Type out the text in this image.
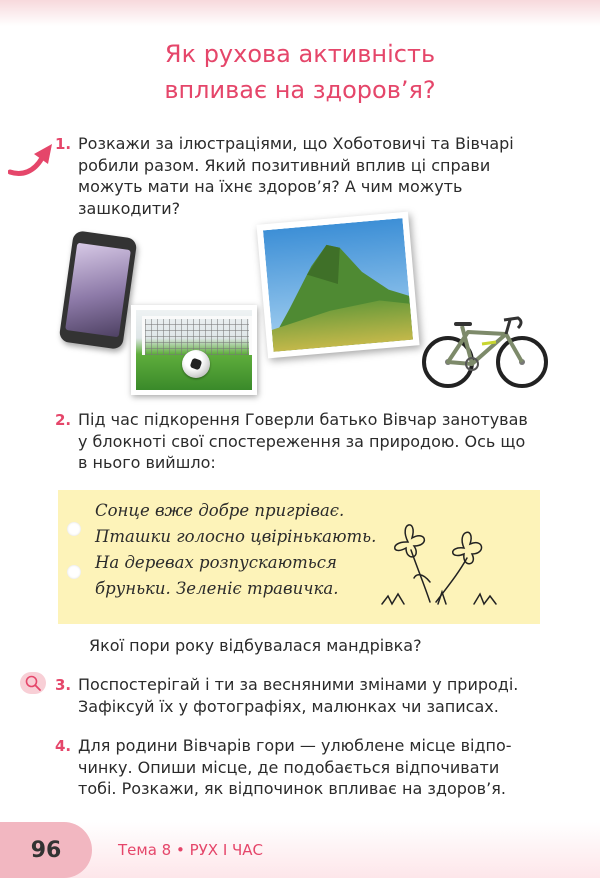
Як рухова активність
впливає на здоров’я?
1. Розкажи за ілюстраціями, що Хоботовичі та Вівчарі
робили разом. Який позитивний вплив ці справи
можуть мати на їхнє здоров’я? А чим можуть
зашкодити?
2. Під час підкорення Говерли батько Вівчар занотував
у блокноті свої спостереження за природою. Ось що
в нього вийшло:
Сонце вже добре пригріває.
Пташки голосно цвірінькають.
На деревах розпускаються
бруньки. Зеленіє травичка.
Якої пори року відбувалася мандрівка?
3. Поспостерігай і ти за весняними змінами у природі.
Зафіксуй їх у фотографіях, малюнках чи записах.
4. Для родини Вівчарів гори — улюблене місце відпо-
чинку. Опиши місце, де подобається відпочивати
тобі. Розкажи, як відпочинок впливає на здоров’я.
96	Тема 8 • РУХ І ЧАС
